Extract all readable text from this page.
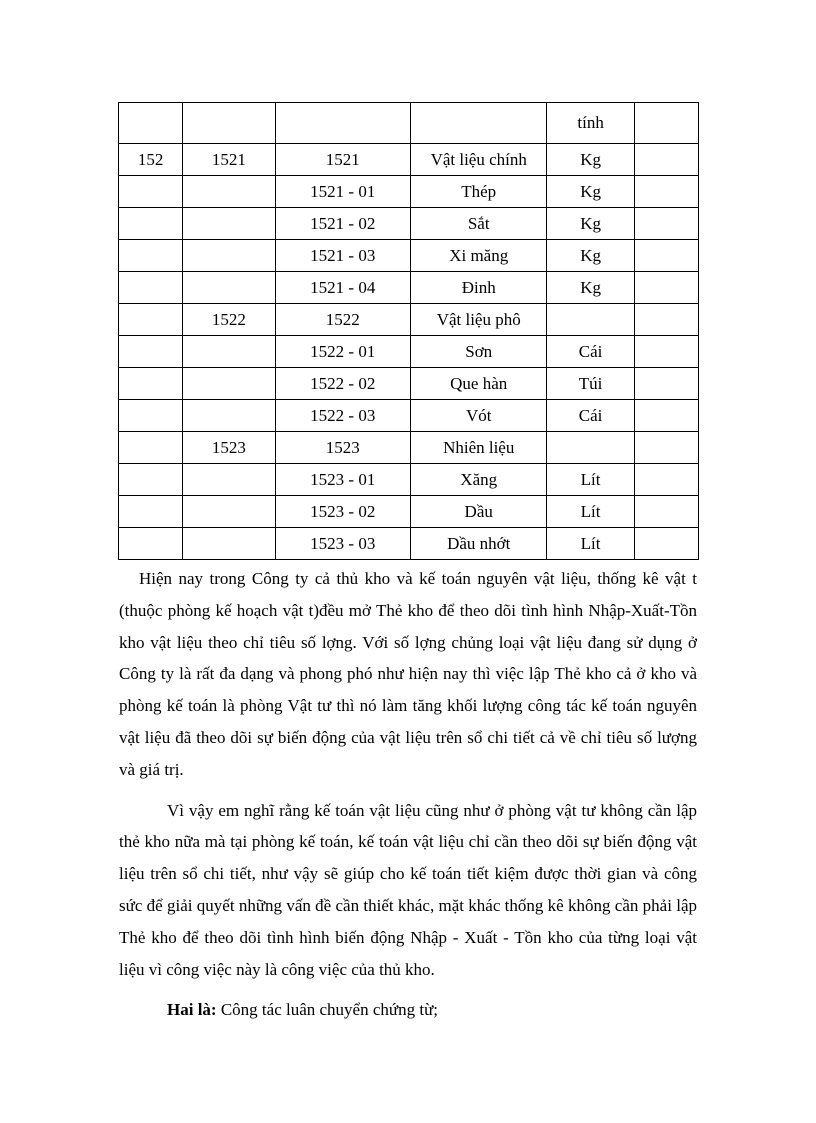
				tính	
152	1521	1521	Vật liệu chính	Kg	
		1521 - 01	Thép	Kg	
		1521 - 02	Sắt	Kg	
		1521 - 03	Xi măng	Kg	
		1521 - 04	Đinh	Kg	
	1522	1522	Vật liệu phô		
		1522 - 01	Sơn	Cái	
		1522 - 02	Que hàn	Túi	
		1522 - 03	Vót	Cái	
	1523	1523	Nhiên liệu		
		1523 - 01	Xăng	Lít	
		1523 - 02	Dầu	Lít	
		1523 - 03	Dầu nhớt	Lít	

Hiện nay trong Công ty cả thủ kho và kế toán nguyên vật liệu, thống kê vật t (thuộc phòng kế hoạch vật t)đều mở Thẻ kho để theo dõi tình hình Nhập-Xuất-Tồn kho vật liệu theo chỉ tiêu số lợng. Với số lợng chủng loại vật liệu đang sử dụng ở Công ty là rất đa dạng và phong phó như hiện nay thì việc lập Thẻ kho cả ở kho và phòng kế toán là phòng Vật tư thì nó làm tăng khối lượng công tác kế toán nguyên vật liệu đã theo dõi sự biến động của vật liệu trên sổ chi tiết cả về chỉ tiêu số lượng và giá trị.

Vì vậy em nghĩ rằng kế toán vật liệu cũng như ở phòng vật tư không cần lập thẻ kho nữa mà tại phòng kế toán, kế toán vật liệu chỉ cần theo dõi sự biến động vật liệu trên sổ chi tiết, như vậy sẽ giúp cho kế toán tiết kiệm được thời gian và công sức để giải quyết những vấn đề cần thiết khác, mặt khác thống kê không cần phải lập Thẻ kho để theo dõi tình hình biến động Nhập - Xuất - Tồn kho của từng loại vật liệu vì công việc này là công việc của thủ kho.

Hai là: Công tác luân chuyển chứng từ;
